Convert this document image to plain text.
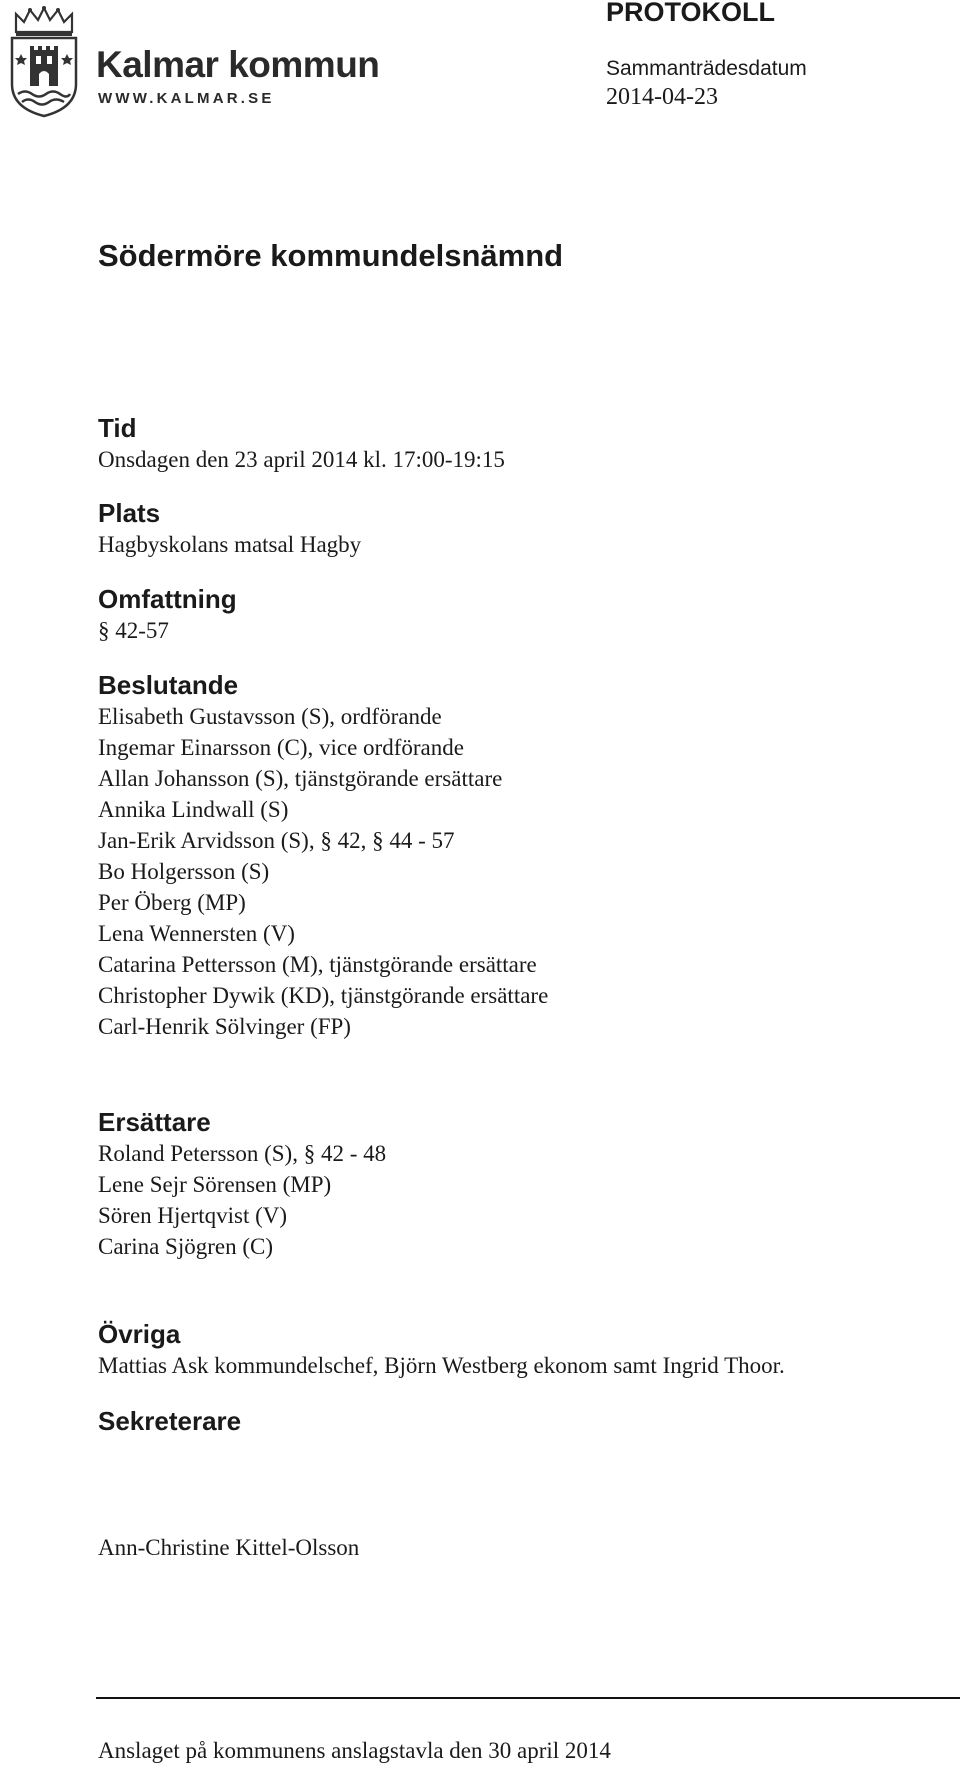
Kalmar kommun
WWW.KALMAR.SE
PROTOKOLL
Sammanträdesdatum
2014-04-23
Södermöre kommundelsnämnd
Tid
Onsdagen den 23 april 2014 kl. 17:00-19:15
Plats
Hagbyskolans matsal Hagby
Omfattning
§ 42-57
Beslutande
Elisabeth Gustavsson (S), ordförande
Ingemar Einarsson (C), vice ordförande
Allan Johansson (S), tjänstgörande ersättare
Annika Lindwall (S)
Jan-Erik Arvidsson (S), § 42, § 44 - 57
Bo Holgersson (S)
Per Öberg (MP)
Lena Wennersten (V)
Catarina Pettersson (M), tjänstgörande ersättare
Christopher Dywik (KD), tjänstgörande ersättare
Carl-Henrik Sölvinger (FP)
Ersättare
Roland Petersson (S), § 42 - 48
Lene Sejr Sörensen (MP)
Sören Hjertqvist (V)
Carina Sjögren (C)
Övriga
Mattias Ask kommundelschef, Björn Westberg ekonom samt Ingrid Thoor.
Sekreterare
Ann-Christine Kittel-Olsson
Anslaget på kommunens anslagstavla den 30 april 2014
